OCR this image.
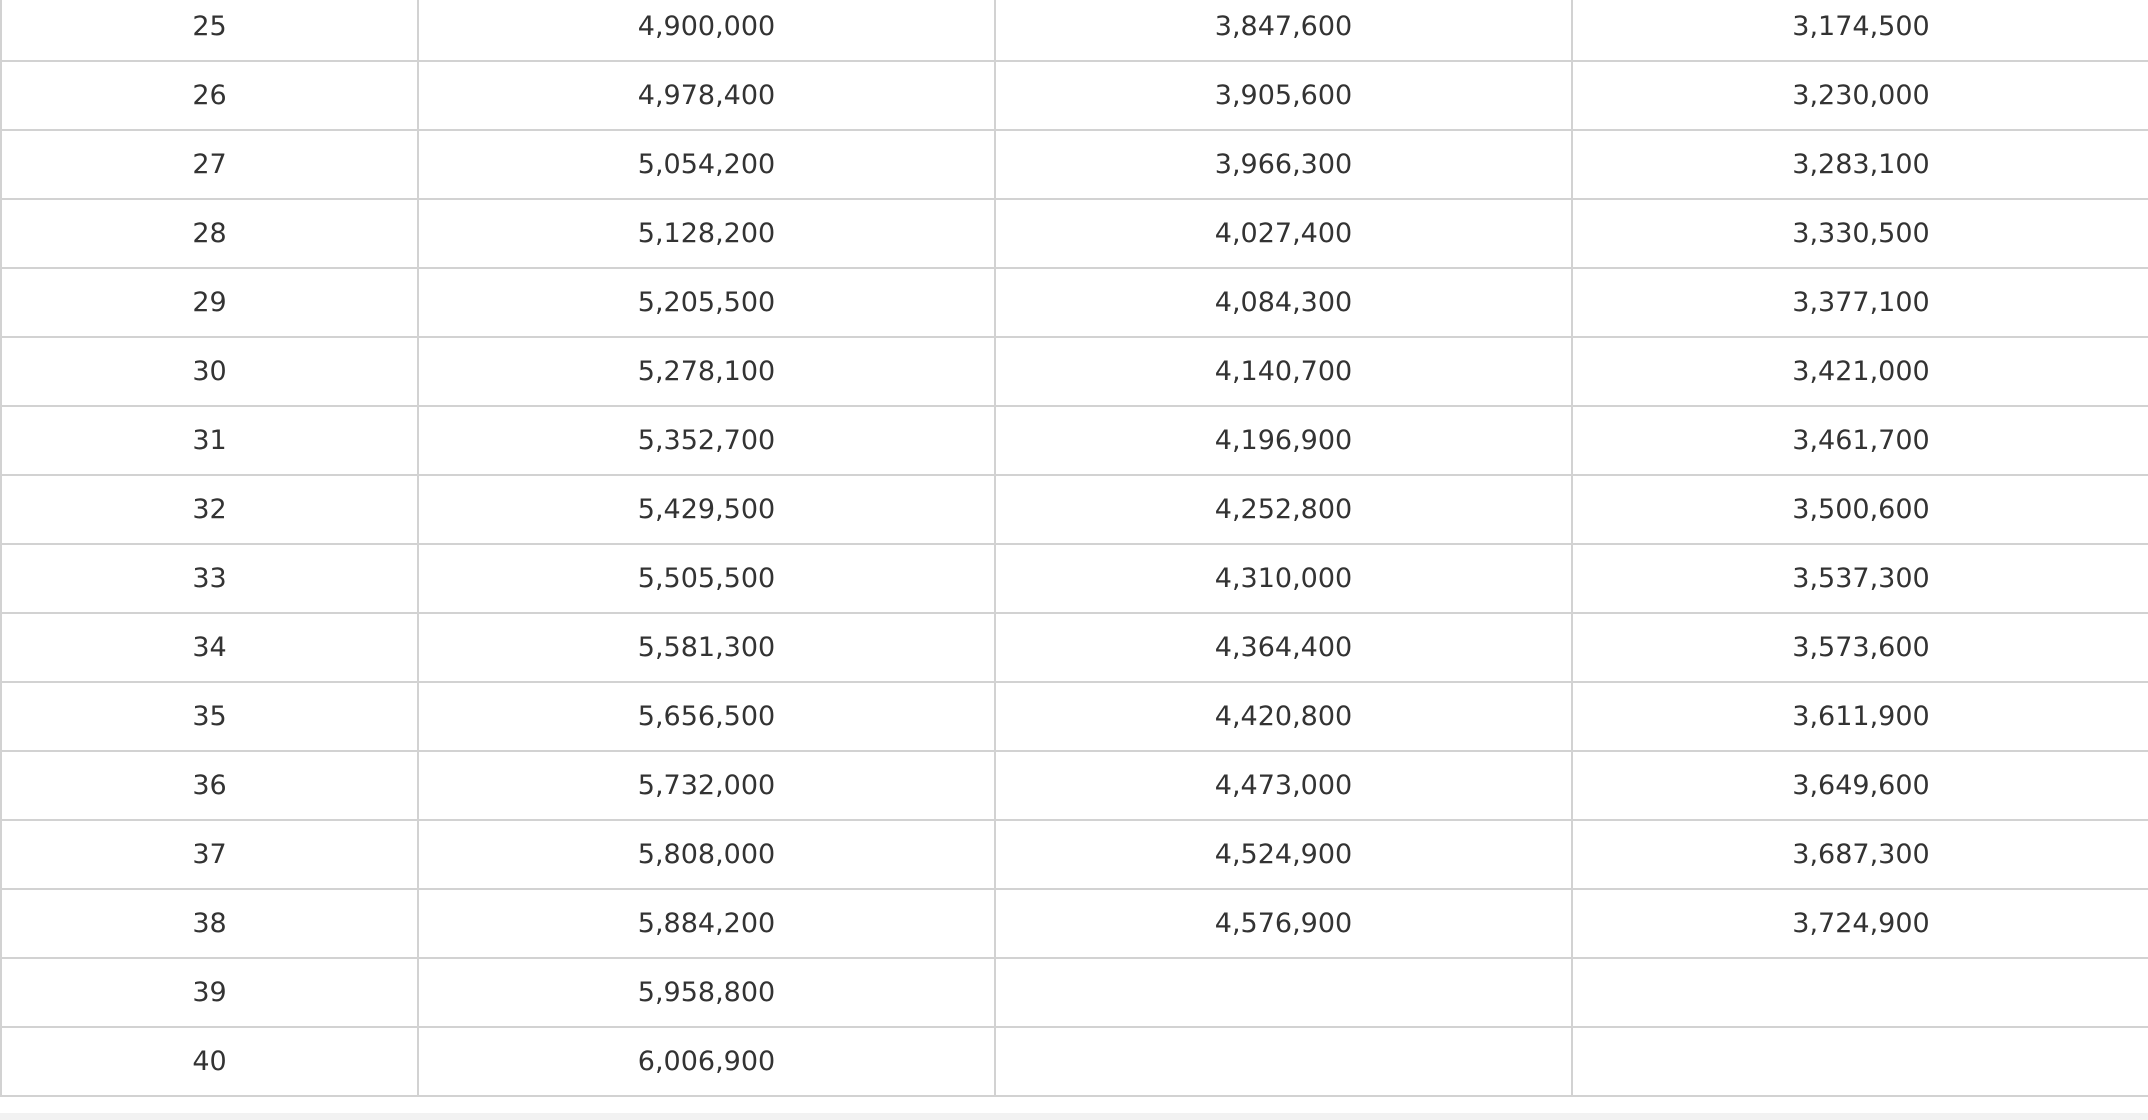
25	4,900,000	3,847,600	3,174,500
26	4,978,400	3,905,600	3,230,000
27	5,054,200	3,966,300	3,283,100
28	5,128,200	4,027,400	3,330,500
29	5,205,500	4,084,300	3,377,100
30	5,278,100	4,140,700	3,421,000
31	5,352,700	4,196,900	3,461,700
32	5,429,500	4,252,800	3,500,600
33	5,505,500	4,310,000	3,537,300
34	5,581,300	4,364,400	3,573,600
35	5,656,500	4,420,800	3,611,900
36	5,732,000	4,473,000	3,649,600
37	5,808,000	4,524,900	3,687,300
38	5,884,200	4,576,900	3,724,900
39	5,958,800		
40	6,006,900		
